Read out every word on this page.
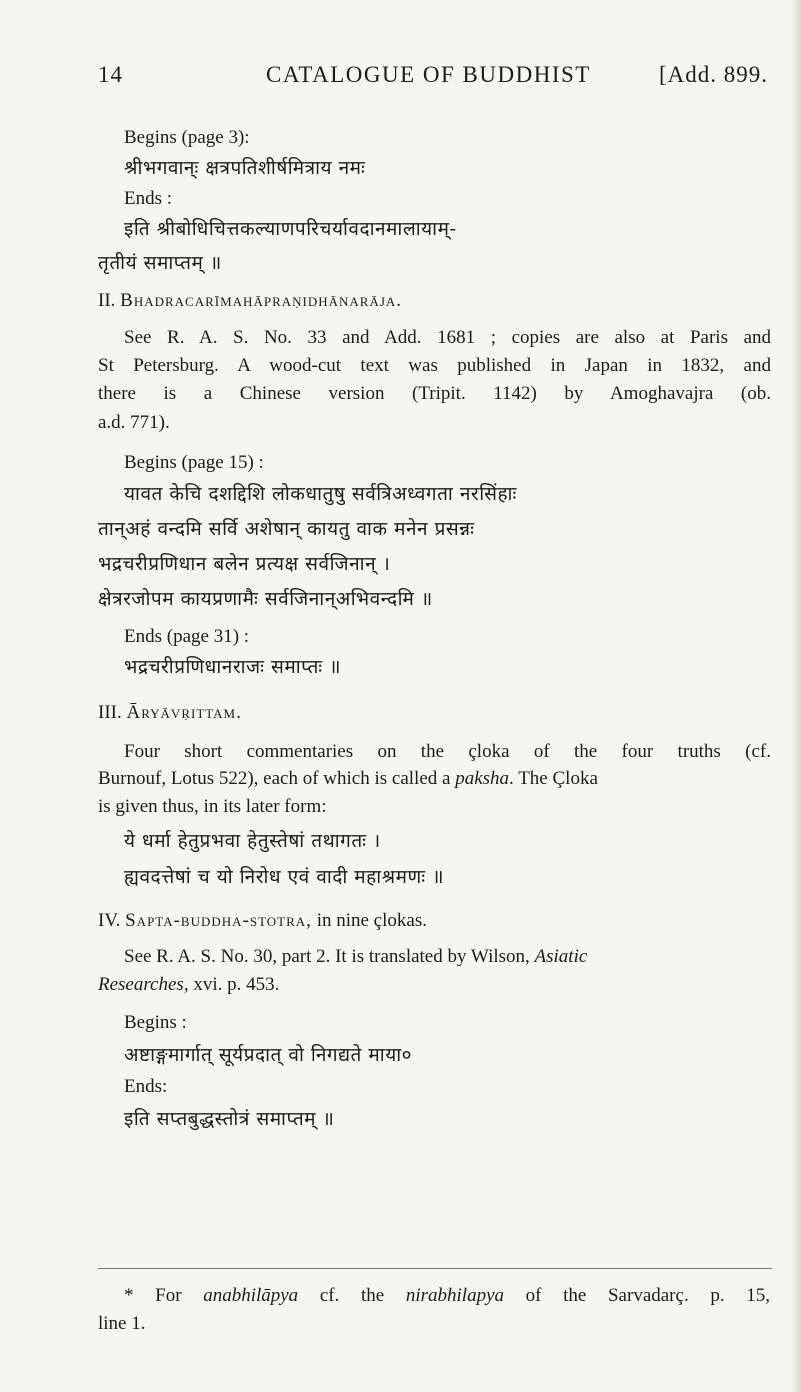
14	CATALOGUE OF BUDDHIST	[Add. 899.
Begins (page 3):
श्रीभगवान्ः क्षत्रपतिशीर्षमित्राय नमः
Ends :
इति श्रीबोधिचित्तकल्याणपरिचर्यावदानमालायाम्-
तृतीयं समाप्तम् ॥
II. Bhadracarīmahāpraṇidhānarāja.
See R. A. S. No. 33 and Add. 1681 ; copies are also at Paris and
St Petersburg. A wood-cut text was published in Japan in 1832, and
there is a Chinese version (Tripit. 1142) by Amoghavajra (ob.
a.d. 771).
Begins (page 15) :
यावत केचि दशद्दिशि लोकधातुषु सर्वत्रिअध्वगता नरसिंहाः
तान्अहं वन्दमि सर्वि अशेषान् कायतु वाक मनेन प्रसन्नः
भद्रचरीप्रणिधान बलेन प्रत्यक्ष सर्वजिनान् ।
क्षेत्ररजोपम कायप्रणामैः सर्वजिनान्अभिवन्दमि ॥
Ends (page 31) :
भद्रचरीप्रणिधानराजः समाप्तः ॥
III. Āryāvṛittam.
Four short commentaries on the çloka of the four truths (cf.
Burnouf, Lotus 522), each of which is called a paksha. The Çloka
is given thus, in its later form:
ये धर्मा हेतुप्रभवा हेतुस्तेषां तथागतः ।
ह्यवदत्तेषां च यो निरोध एवं वादी महाश्रमणः ॥
IV. Sapta-buddha-stotra, in nine çlokas.
See R. A. S. No. 30, part 2. It is translated by Wilson, Asiatic
Researches, xvi. p. 453.
Begins :
अष्टाङ्गमार्गात् सूर्यप्रदात् वो निगद्यते माया०
Ends:
इति सप्तबुद्धस्तोत्रं समाप्तम् ॥
* For anabhilāpya cf. the nirabhilapya of the Sarvadarç. p. 15,
line 1.
